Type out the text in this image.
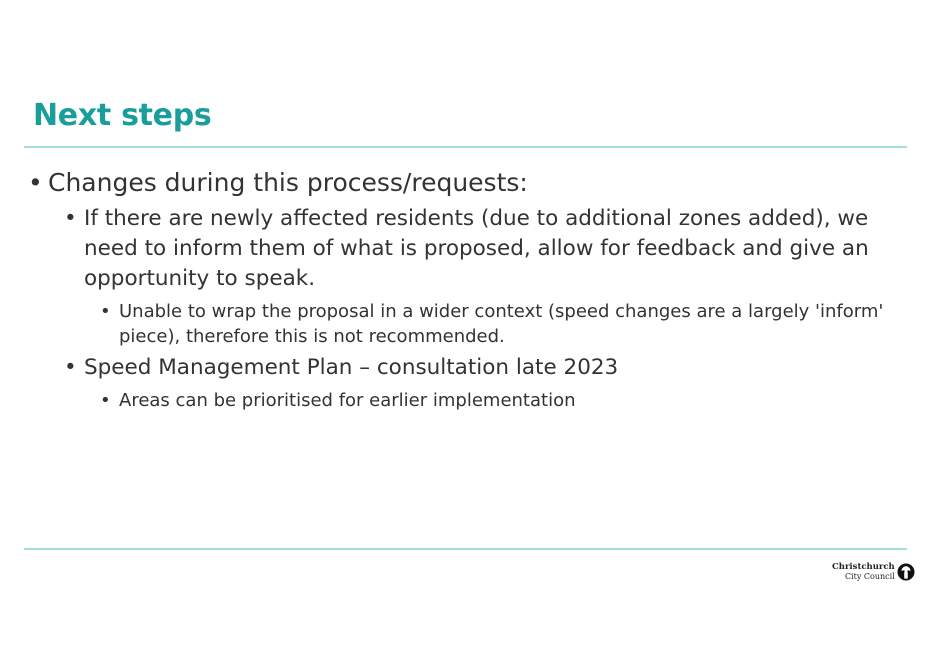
Next steps
• Changes during this process/requests:
• If there are newly affected residents (due to additional zones added), we need to inform them of what is proposed, allow for feedback and give an opportunity to speak.
• Unable to wrap the proposal in a wider context (speed changes are a largely 'inform' piece), therefore this is not recommended.
• Speed Management Plan – consultation late 2023
• Areas can be prioritised for earlier implementation
Christchurch
City Council
